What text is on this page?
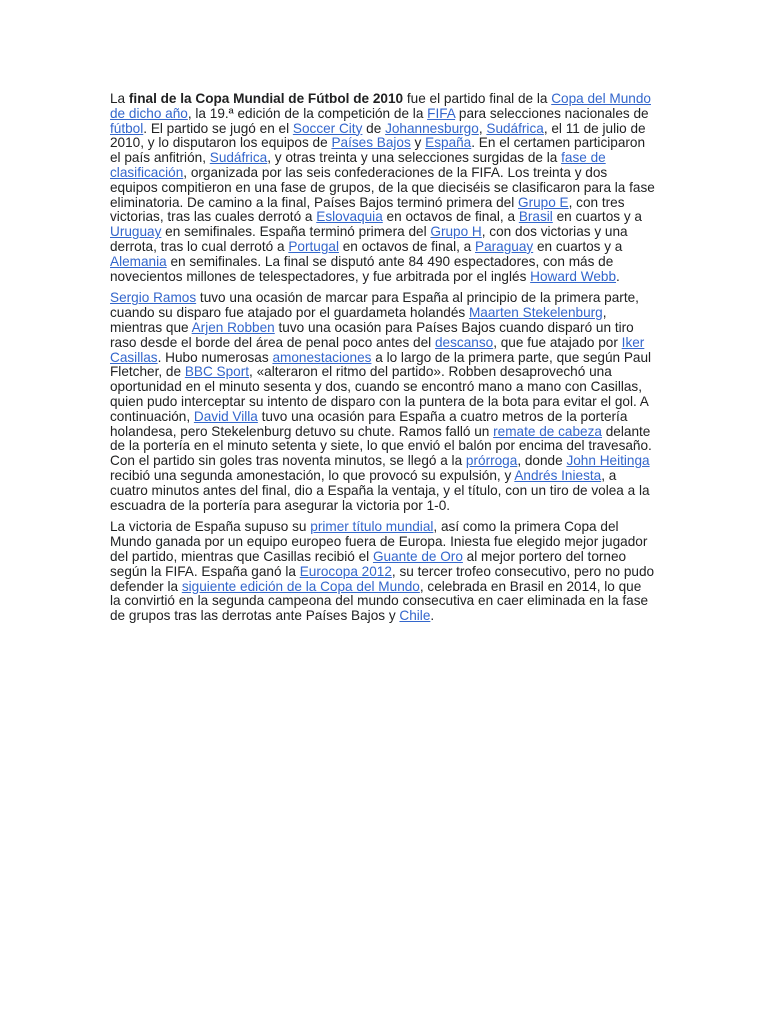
La final de la Copa Mundial de Fútbol de 2010 fue el partido final de la Copa del Mundo de dicho año, la 19.ª edición de la competición de la FIFA para selecciones nacionales de fútbol. El partido se jugó en el Soccer City de Johannesburgo, Sudáfrica, el 11 de julio de 2010, y lo disputaron los equipos de Países Bajos y España. En el certamen participaron el país anfitrión, Sudáfrica, y otras treinta y una selecciones surgidas de la fase de clasificación, organizada por las seis confederaciones de la FIFA. Los treinta y dos equipos compitieron en una fase de grupos, de la que dieciséis se clasificaron para la fase eliminatoria. De camino a la final, Países Bajos terminó primera del Grupo E, con tres victorias, tras las cuales derrotó a Eslovaquia en octavos de final, a Brasil en cuartos y a Uruguay en semifinales. España terminó primera del Grupo H, con dos victorias y una derrota, tras lo cual derrotó a Portugal en octavos de final, a Paraguay en cuartos y a Alemania en semifinales. La final se disputó ante 84 490 espectadores, con más de novecientos millones de telespectadores, y fue arbitrada por el inglés Howard Webb.

Sergio Ramos tuvo una ocasión de marcar para España al principio de la primera parte, cuando su disparo fue atajado por el guardameta holandés Maarten Stekelenburg, mientras que Arjen Robben tuvo una ocasión para Países Bajos cuando disparó un tiro raso desde el borde del área de penal poco antes del descanso, que fue atajado por Iker Casillas. Hubo numerosas amonestaciones a lo largo de la primera parte, que según Paul Fletcher, de BBC Sport, «alteraron el ritmo del partido». Robben desaprovechó una oportunidad en el minuto sesenta y dos, cuando se encontró mano a mano con Casillas, quien pudo interceptar su intento de disparo con la puntera de la bota para evitar el gol. A continuación, David Villa tuvo una ocasión para España a cuatro metros de la portería holandesa, pero Stekelenburg detuvo su chute. Ramos falló un remate de cabeza delante de la portería en el minuto setenta y siete, lo que envió el balón por encima del travesaño. Con el partido sin goles tras noventa minutos, se llegó a la prórroga, donde John Heitinga recibió una segunda amonestación, lo que provocó su expulsión, y Andrés Iniesta, a cuatro minutos antes del final, dio a España la ventaja, y el título, con un tiro de volea a la escuadra de la portería para asegurar la victoria por 1-0.

La victoria de España supuso su primer título mundial, así como la primera Copa del Mundo ganada por un equipo europeo fuera de Europa. Iniesta fue elegido mejor jugador del partido, mientras que Casillas recibió el Guante de Oro al mejor portero del torneo según la FIFA. España ganó la Eurocopa 2012, su tercer trofeo consecutivo, pero no pudo defender la siguiente edición de la Copa del Mundo, celebrada en Brasil en 2014, lo que la convirtió en la segunda campeona del mundo consecutiva en caer eliminada en la fase de grupos tras las derrotas ante Países Bajos y Chile.
